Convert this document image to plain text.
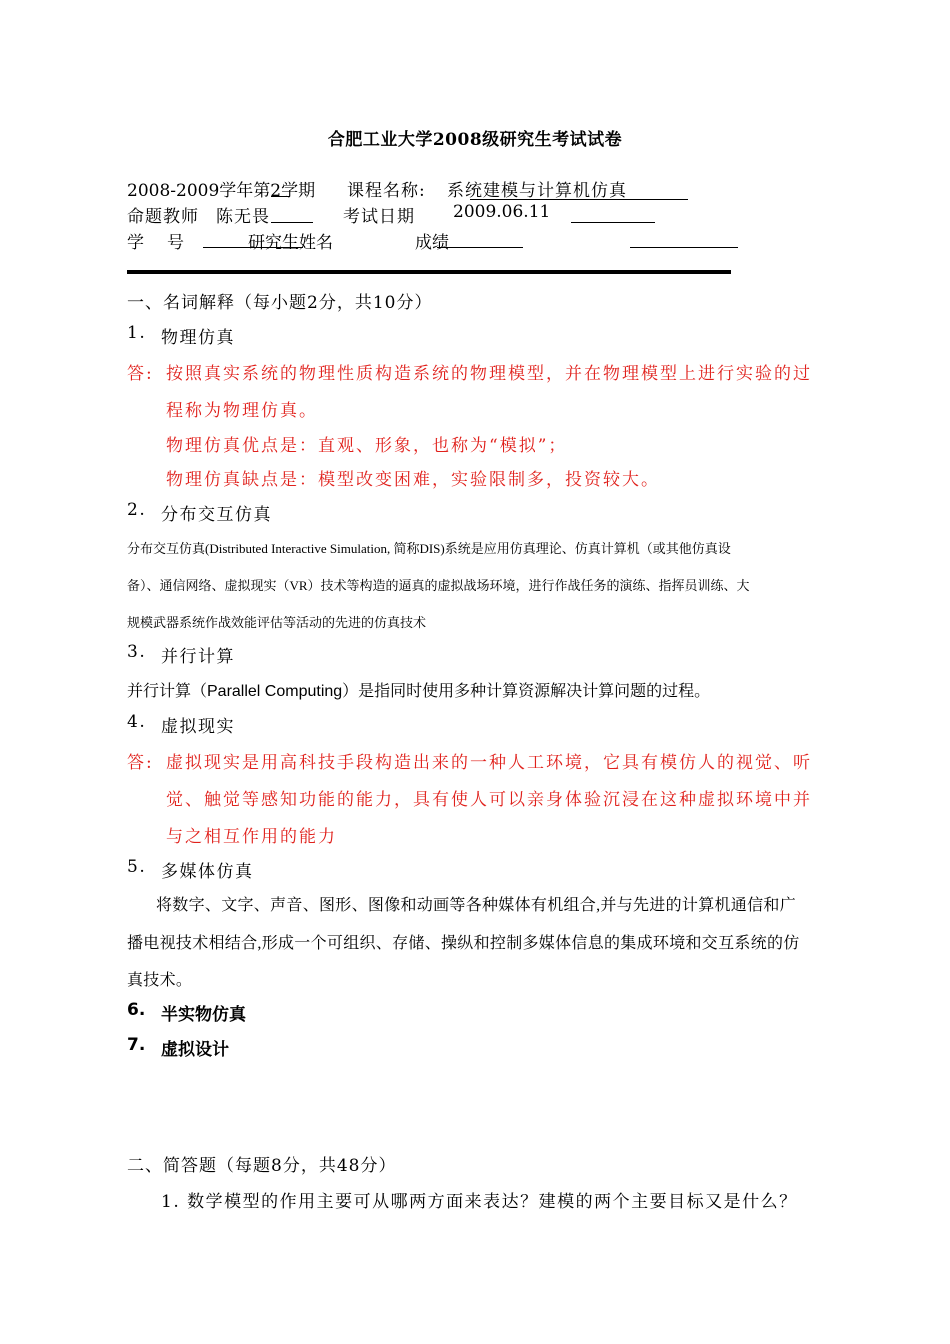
合肥工业大学2008级研究生考试试卷
2008-2009学年第2学期 课程名称: 系统建模与计算机仿真
命题教师 陈无畏	考试日期 2009.06.11
学　号	研究生姓名	成绩
一、名词解释（每小题2分，共10分）
1. 物理仿真
答: 按照真实系统的物理性质构造系统的物理模型，并在物理模型上进行实验的过
程称为物理仿真。
物理仿真优点是：直观、形象，也称为“模拟”；
物理仿真缺点是：模型改变困难，实验限制多，投资较大。
2. 分布交互仿真
分布交互仿真(Distributed Interactive Simulation, 简称DIS)系统是应用仿真理论、仿真计算机（或其他仿真设
备）、通信网络、虚拟现实（VR）技术等构造的逼真的虚拟战场环境，进行作战任务的演练、指挥员训练、大
规模武器系统作战效能评估等活动的先进的仿真技术
3. 并行计算
并行计算（Parallel Computing）是指同时使用多种计算资源解决计算问题的过程。
4. 虚拟现实
答: 虚拟现实是用高科技手段构造出来的一种人工环境，它具有模仿人的视觉、听
觉、触觉等感知功能的能力，具有使人可以亲身体验沉浸在这种虚拟环境中并
与之相互作用的能力
5. 多媒体仿真
将数字、文字、声音、图形、图像和动画等各种媒体有机组合,并与先进的计算机通信和广
播电视技术相结合,形成一个可组织、存储、操纵和控制多媒体信息的集成环境和交互系统的仿
真技术。
6. 半实物仿真
7. 虚拟设计
二、简答题（每题8分，共48分）
1. 数学模型的作用主要可从哪两方面来表达？建模的两个主要目标又是什么？
